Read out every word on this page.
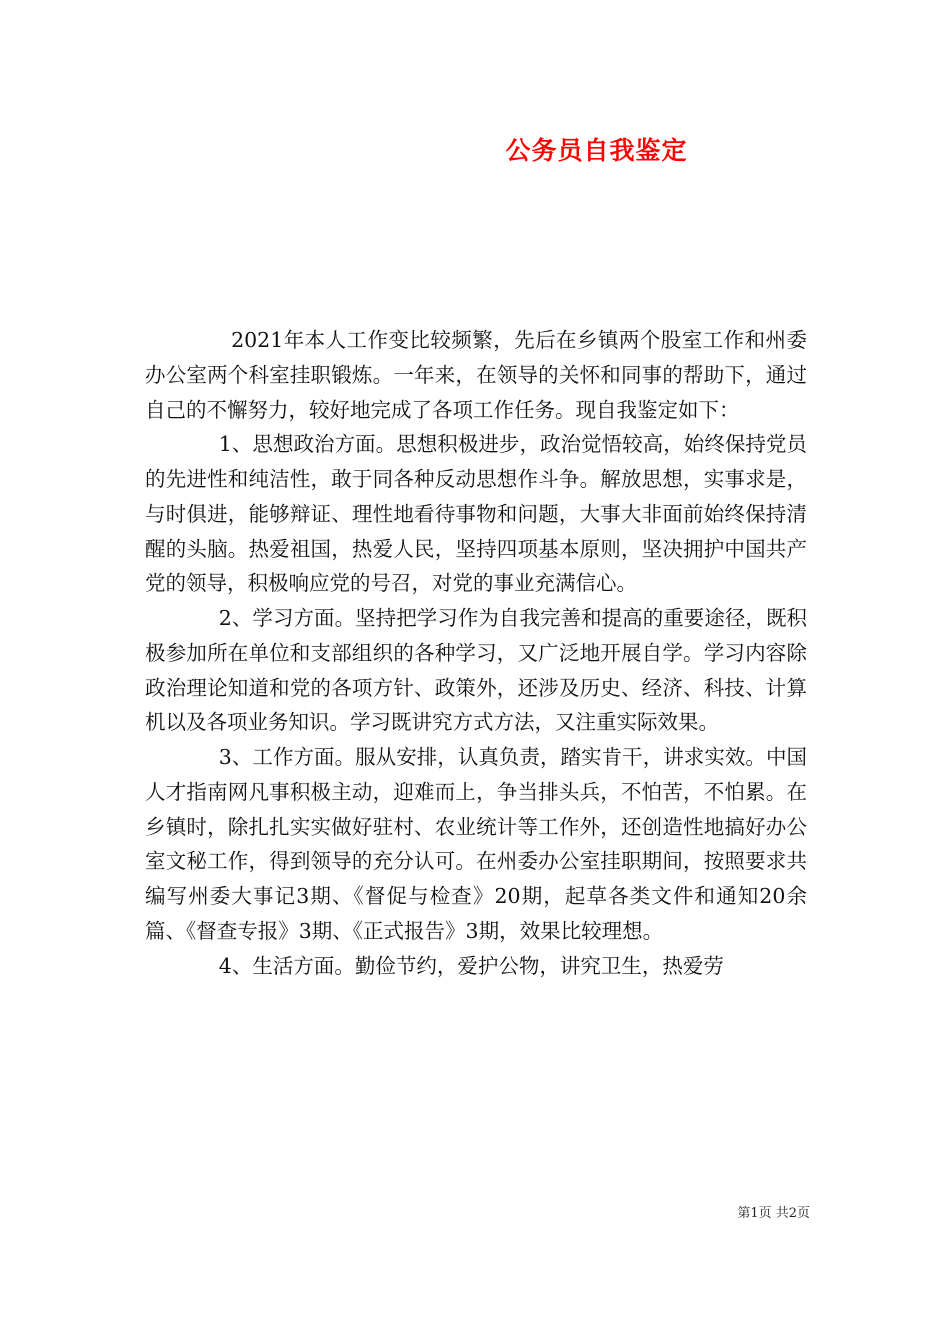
公务员自我鉴定

2021年本人工作变比较频繁，先后在乡镇两个股室工作和州委办公室两个科室挂职锻炼。一年来，在领导的关怀和同事的帮助下，通过自己的不懈努力，较好地完成了各项工作任务。现自我鉴定如下：

1、思想政治方面。思想积极进步，政治觉悟较高，始终保持党员的先进性和纯洁性，敢于同各种反动思想作斗争。解放思想，实事求是，与时俱进，能够辩证、理性地看待事物和问题，大事大非面前始终保持清醒的头脑。热爱祖国，热爱人民，坚持四项基本原则，坚决拥护中国共产党的领导，积极响应党的号召，对党的事业充满信心。

2、学习方面。坚持把学习作为自我完善和提高的重要途径，既积极参加所在单位和支部组织的各种学习，又广泛地开展自学。学习内容除政治理论知道和党的各项方针、政策外，还涉及历史、经济、科技、计算机以及各项业务知识。学习既讲究方式方法，又注重实际效果。

3、工作方面。服从安排，认真负责，踏实肯干，讲求实效。中国人才指南网凡事积极主动，迎难而上，争当排头兵，不怕苦，不怕累。在乡镇时，除扎扎实实做好驻村、农业统计等工作外，还创造性地搞好办公室文秘工作，得到领导的充分认可。在州委办公室挂职期间，按照要求共编写州委大事记3期、《督促与检查》20期，起草各类文件和通知20余篇、《督查专报》3期、《正式报告》3期，效果比较理想。

4、生活方面。勤俭节约，爱护公物，讲究卫生，热爱劳

第1页 共2页
